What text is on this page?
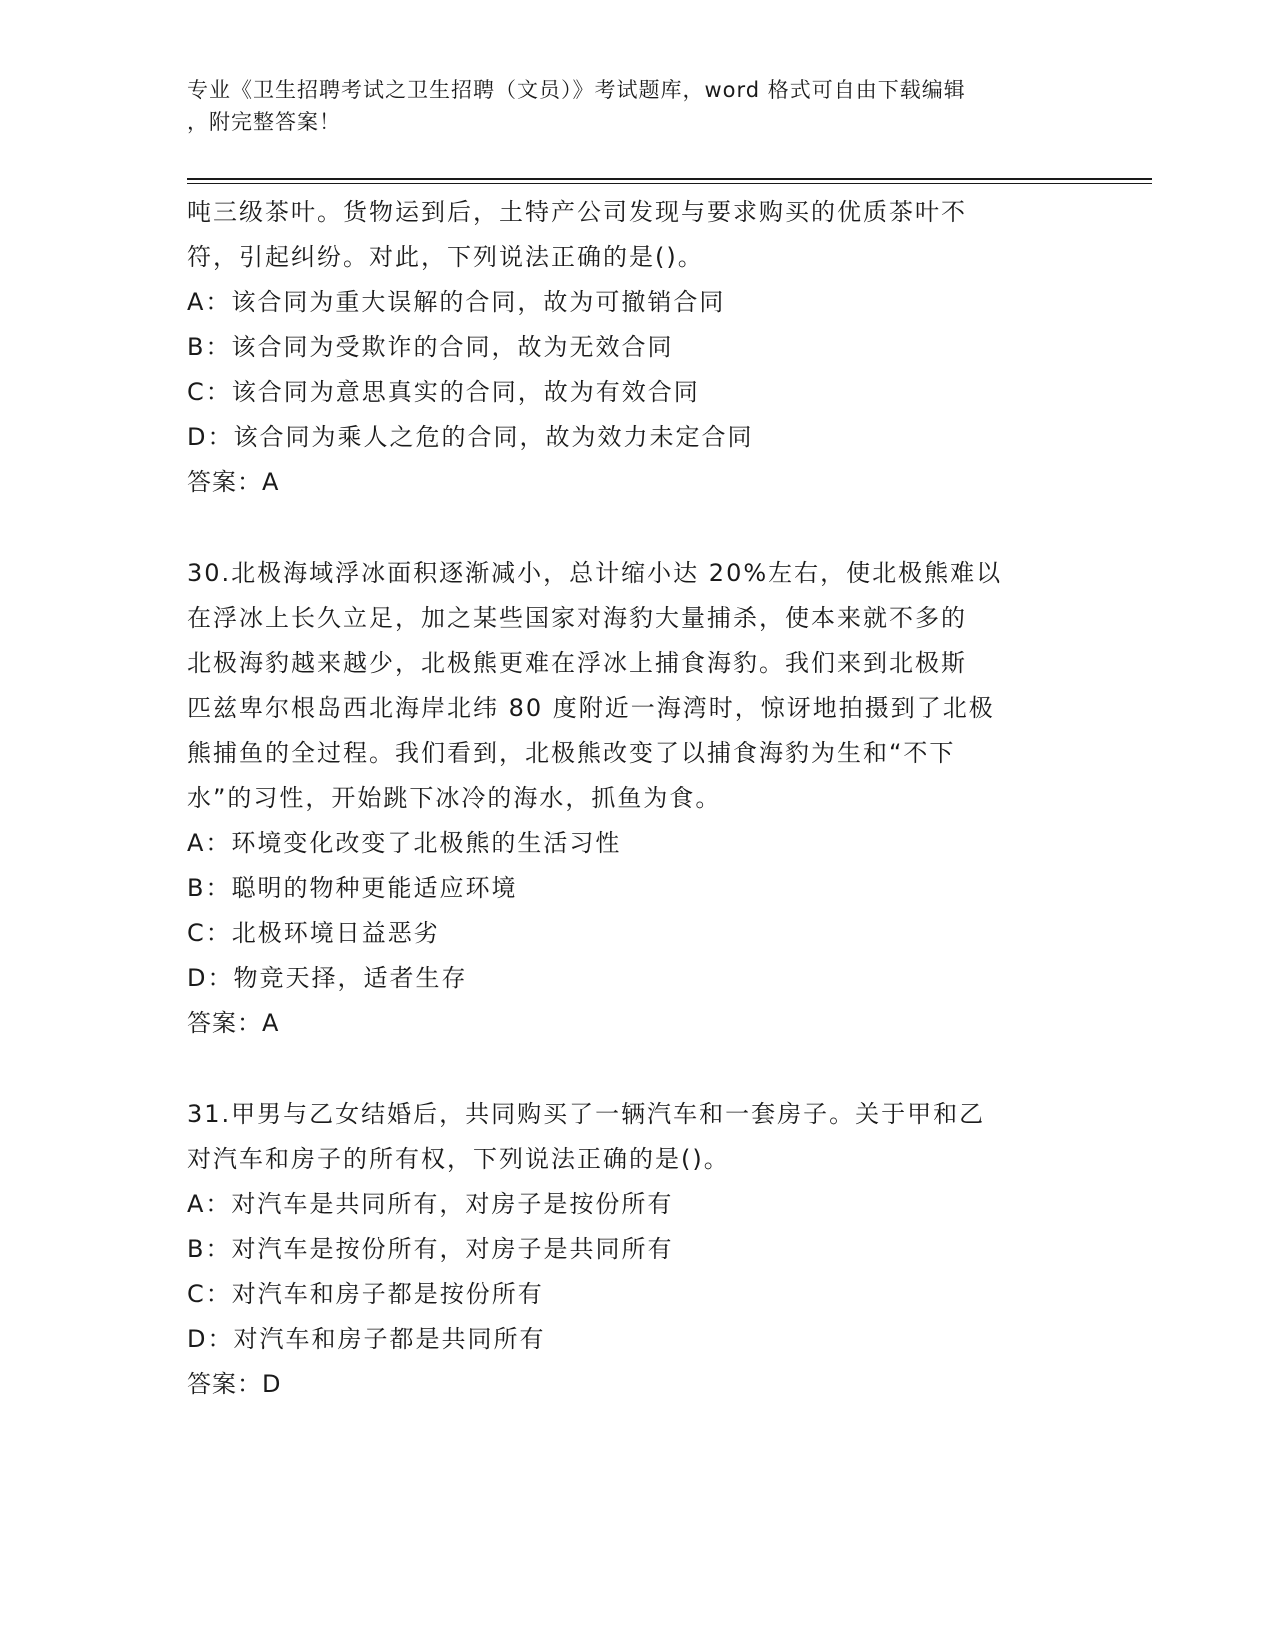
专业《卫生招聘考试之卫生招聘（文员）》考试题库，word 格式可自由下载编辑
，附完整答案！
吨三级茶叶。货物运到后，土特产公司发现与要求购买的优质茶叶不
符，引起纠纷。对此，下列说法正确的是()。
A：该合同为重大误解的合同，故为可撤销合同
B：该合同为受欺诈的合同，故为无效合同
C：该合同为意思真实的合同，故为有效合同
D：该合同为乘人之危的合同，故为效力未定合同
答案：A
30.北极海域浮冰面积逐渐减小，总计缩小达 20%左右，使北极熊难以
在浮冰上长久立足，加之某些国家对海豹大量捕杀，使本来就不多的
北极海豹越来越少，北极熊更难在浮冰上捕食海豹。我们来到北极斯
匹兹卑尔根岛西北海岸北纬 80 度附近一海湾时，惊讶地拍摄到了北极
熊捕鱼的全过程。我们看到，北极熊改变了以捕食海豹为生和“不下
水”的习性，开始跳下冰冷的海水，抓鱼为食。
A：环境变化改变了北极熊的生活习性
B：聪明的物种更能适应环境
C：北极环境日益恶劣
D：物竞天择，适者生存
答案：A
31.甲男与乙女结婚后，共同购买了一辆汽车和一套房子。关于甲和乙
对汽车和房子的所有权，下列说法正确的是()。
A：对汽车是共同所有，对房子是按份所有
B：对汽车是按份所有，对房子是共同所有
C：对汽车和房子都是按份所有
D：对汽车和房子都是共同所有
答案：D
